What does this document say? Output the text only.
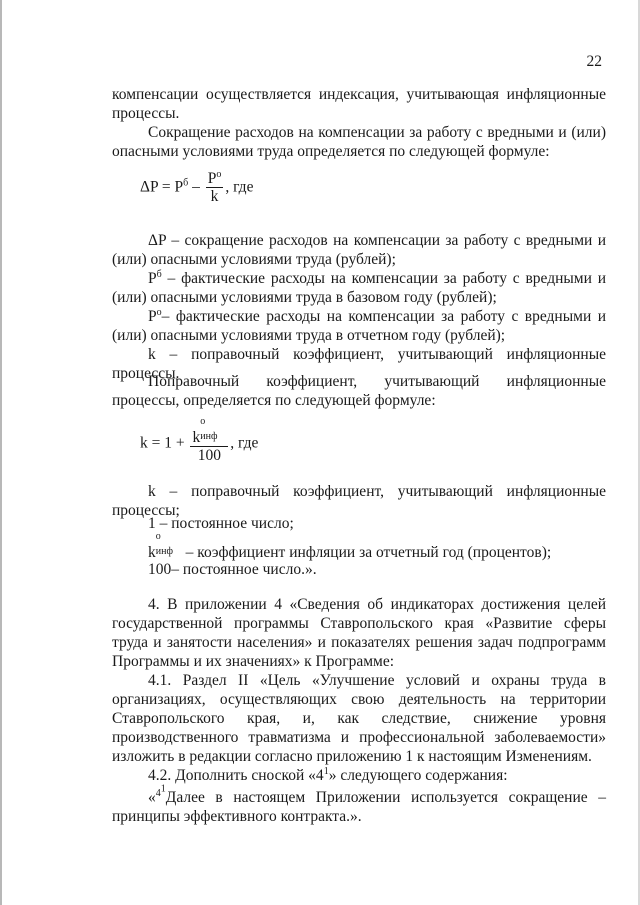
22

компенсации осуществляется индексация, учитывающая инфляционные процессы.

Сокращение расходов на компенсации за работу с вредными и (или) опасными условиями труда определяется по следующей формуле:

$\Delta P = P^б - \frac{P^о}{k}$ , где

ΔP – сокращение расходов на компенсации за работу с вредными и (или) опасными условиями труда (рублей);

$P^б$ – фактические расходы на компенсации за работу с вредными и (или) опасными условиями труда в базовом году (рублей);

$P^о-$ фактические расходы на компенсации за работу с вредными и (или) опасными условиями труда в отчетном году (рублей);

k – поправочный коэффициент, учитывающий инфляционные процессы.

Поправочный коэффициент, учитывающий инфляционные процессы, определяется по следующей формуле:

k = 1 + k
о
инф
100 , где

k – поправочный коэффициент, учитывающий инфляционные процессы;

1 – постоянное число;
k
о
инф – коэффициент инфляции за отчетный год (процентов);
100– постоянное число.».

4. В приложении 4 «Сведения об индикаторах достижения целей государственной программы Ставропольского края «Развитие сферы труда и занятости населения» и показателях решения задач подпрограмм Программы и их значениях» к Программе:

4.1. Раздел II «Цель «Улучшение условий и охраны труда в организациях, осуществляющих свою деятельность на территории Ставропольского края, и, как следствие, снижение уровня производственного травматизма и профессиональной заболеваемости» изложить в редакции согласно приложению 1 к настоящим Изменениям.

4.2. Дополнить сноской «$4^1$» следующего содержания:

«$^{4^1}$Далее в настоящем Приложении используется сокращение – принципы эффективного контракта.».
